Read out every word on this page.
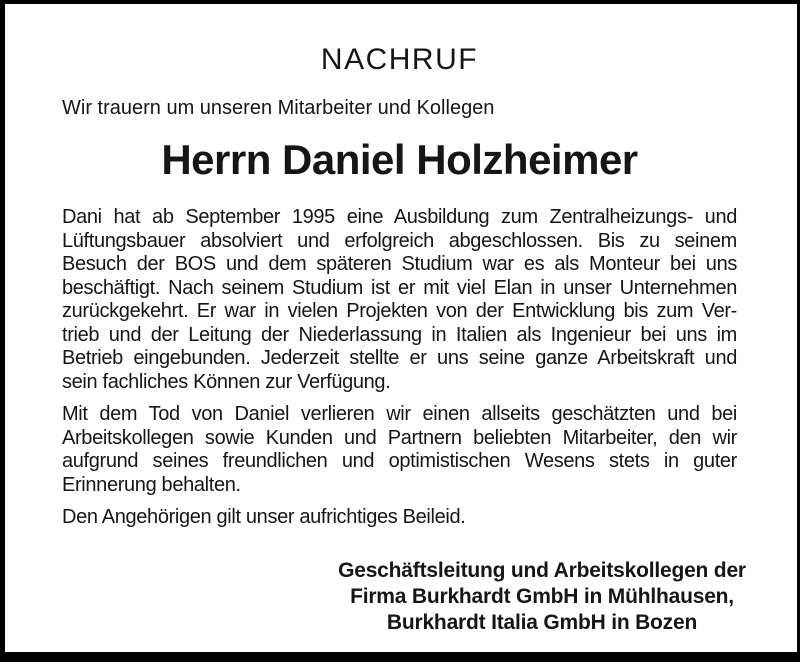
NACHRUF
Wir trauern um unseren Mitarbeiter und Kollegen
Herrn Daniel Holzheimer
Dani hat ab September 1995 eine Ausbildung zum Zentralheizungs- und
Lüftungsbauer absolviert und erfolgreich abgeschlossen. Bis zu seinem
Besuch der BOS und dem späteren Studium war es als Monteur bei uns
beschäftigt. Nach seinem Studium ist er mit viel Elan in unser Unternehmen
zurückgekehrt. Er war in vielen Projekten von der Entwicklung bis zum Ver-
trieb und der Leitung der Niederlassung in Italien als Ingenieur bei uns im
Betrieb eingebunden. Jederzeit stellte er uns seine ganze Arbeitskraft und
sein fachliches Können zur Verfügung.
Mit dem Tod von Daniel verlieren wir einen allseits geschätzten und bei
Arbeitskollegen sowie Kunden und Partnern beliebten Mitarbeiter, den wir
aufgrund seines freundlichen und optimistischen Wesens stets in guter
Erinnerung behalten.
Den Angehörigen gilt unser aufrichtiges Beileid.
Geschäftsleitung und Arbeitskollegen der
Firma Burkhardt GmbH in Mühlhausen,
Burkhardt Italia GmbH in Bozen
